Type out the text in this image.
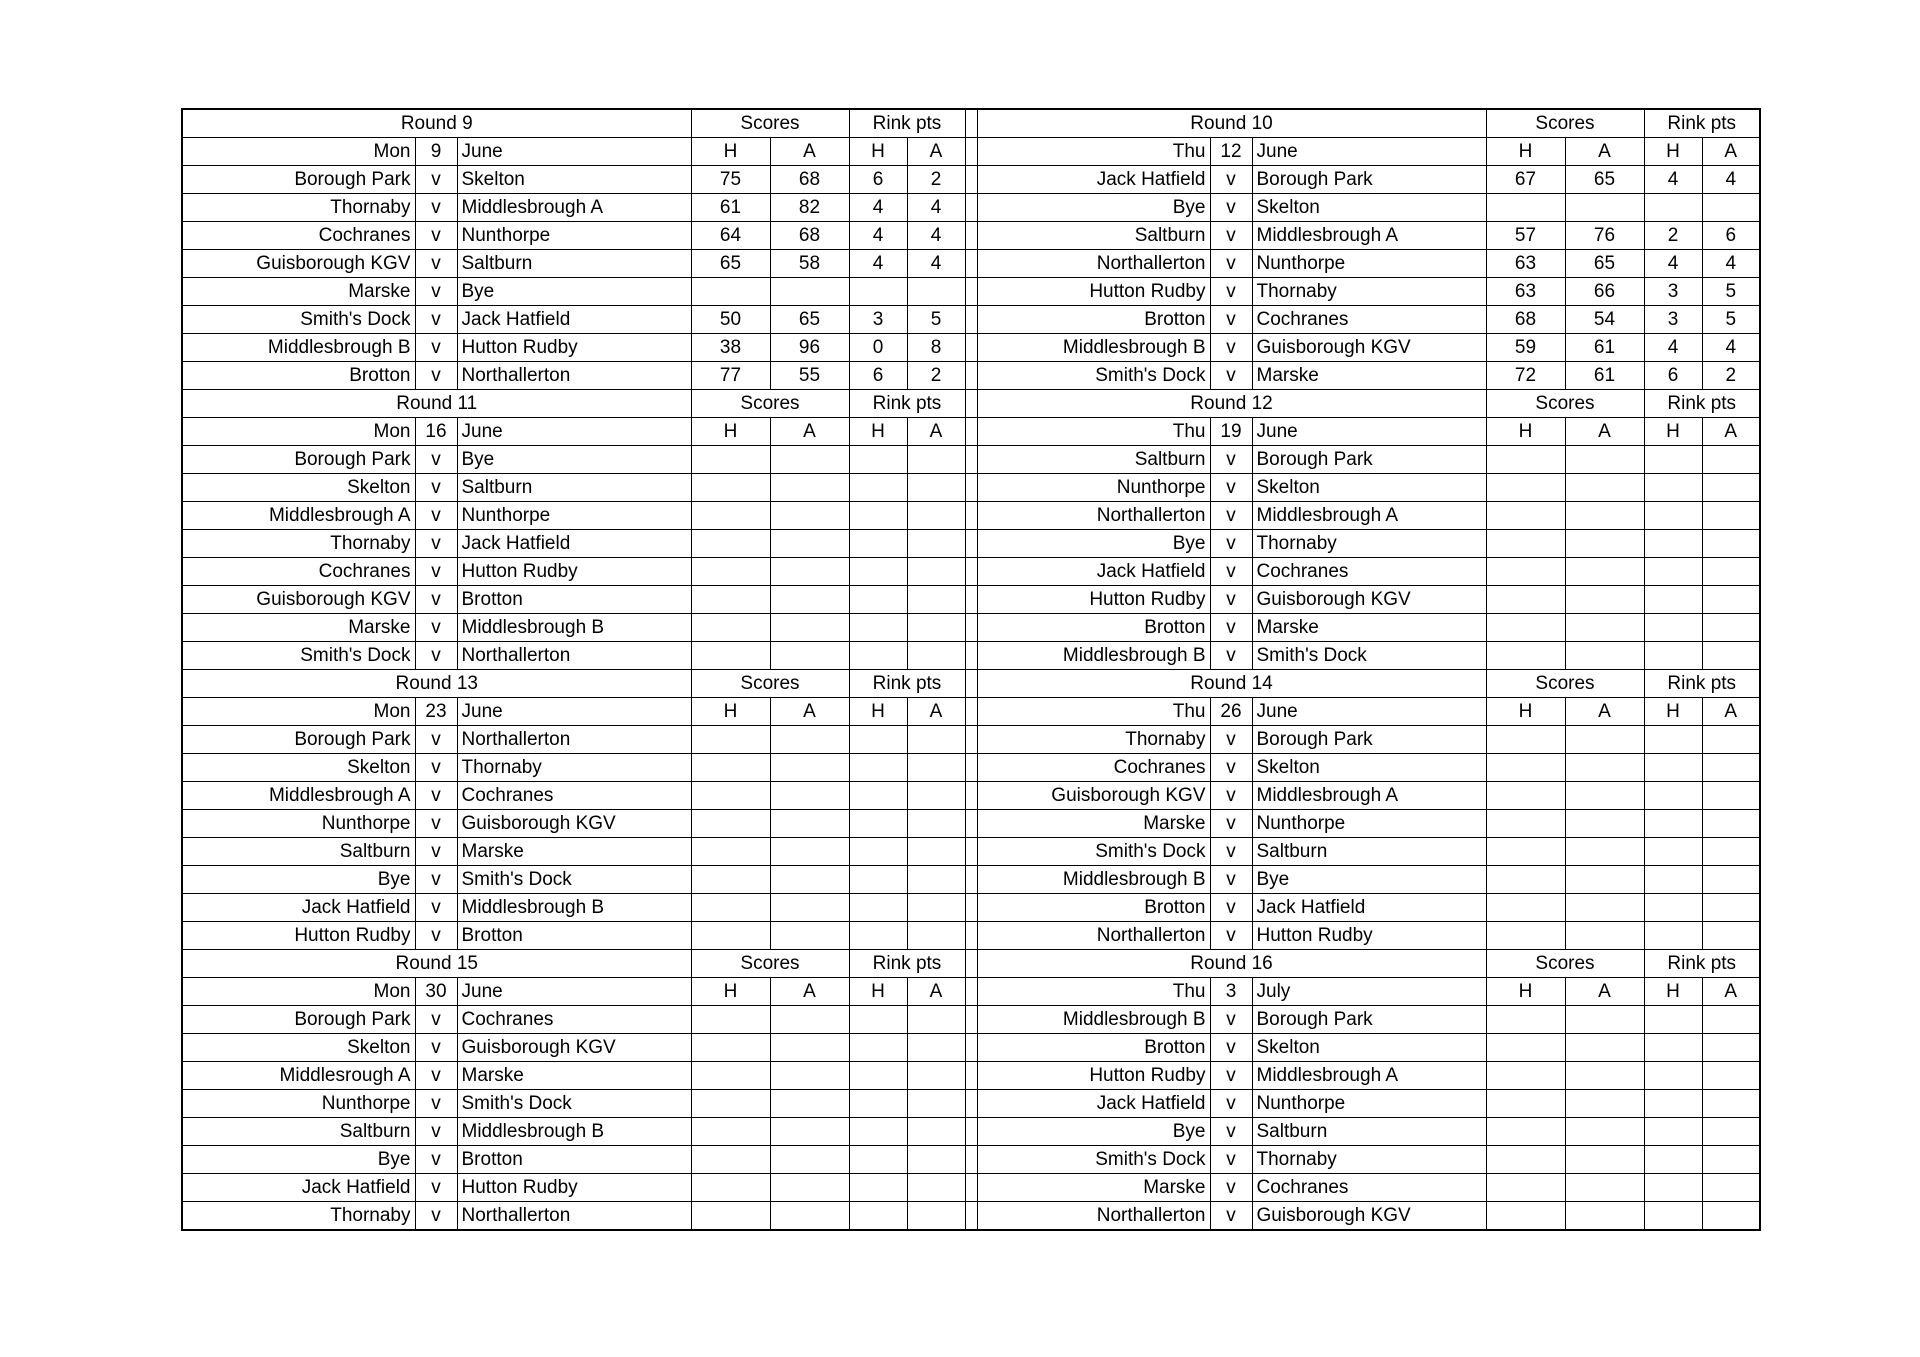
Round 9			Scores		Rink pts			Round 10			Scores		Rink pts	
Mon	9	June	H	A	H	A		Thu	12	June	H	A	H	A
Borough Park	v	Skelton	75	68	6	2		Jack Hatfield	v	Borough Park	67	65	4	4
Thornaby	v	Middlesbrough A	61	82	4	4		Bye	v	Skelton				
Cochranes	v	Nunthorpe	64	68	4	4		Saltburn	v	Middlesbrough A	57	76	2	6
Guisborough KGV	v	Saltburn	65	58	4	4		Northallerton	v	Nunthorpe	63	65	4	4
Marske	v	Bye						Hutton Rudby	v	Thornaby	63	66	3	5
Smith's Dock	v	Jack Hatfield	50	65	3	5		Brotton	v	Cochranes	68	54	3	5
Middlesbrough B	v	Hutton Rudby	38	96	0	8		Middlesbrough B	v	Guisborough KGV	59	61	4	4
Brotton	v	Northallerton	77	55	6	2		Smith's Dock	v	Marske	72	61	6	2
Round 11			Scores		Rink pts			Round 12			Scores		Rink pts	
Mon	16	June	H	A	H	A		Thu	19	June	H	A	H	A
Borough Park	v	Bye						Saltburn	v	Borough Park				
Skelton	v	Saltburn						Nunthorpe	v	Skelton				
Middlesbrough A	v	Nunthorpe						Northallerton	v	Middlesbrough A				
Thornaby	v	Jack Hatfield						Bye	v	Thornaby				
Cochranes	v	Hutton Rudby						Jack Hatfield	v	Cochranes				
Guisborough KGV	v	Brotton						Hutton Rudby	v	Guisborough KGV				
Marske	v	Middlesbrough B						Brotton	v	Marske				
Smith's Dock	v	Northallerton						Middlesbrough B	v	Smith's Dock				
Round 13			Scores		Rink pts			Round 14			Scores		Rink pts	
Mon	23	June	H	A	H	A		Thu	26	June	H	A	H	A
Borough Park	v	Northallerton						Thornaby	v	Borough Park				
Skelton	v	Thornaby						Cochranes	v	Skelton				
Middlesbrough A	v	Cochranes						Guisborough KGV	v	Middlesbrough A				
Nunthorpe	v	Guisborough KGV						Marske	v	Nunthorpe				
Saltburn	v	Marske						Smith's Dock	v	Saltburn				
Bye	v	Smith's Dock						Middlesbrough B	v	Bye				
Jack Hatfield	v	Middlesbrough B						Brotton	v	Jack Hatfield				
Hutton Rudby	v	Brotton						Northallerton	v	Hutton Rudby				
Round 15			Scores		Rink pts			Round 16			Scores		Rink pts	
Mon	30	June	H	A	H	A		Thu	3	July	H	A	H	A
Borough Park	v	Cochranes						Middlesbrough B	v	Borough Park				
Skelton	v	Guisborough KGV						Brotton	v	Skelton				
Middlesrough A	v	Marske						Hutton Rudby	v	Middlesbrough A				
Nunthorpe	v	Smith's Dock						Jack Hatfield	v	Nunthorpe				
Saltburn	v	Middlesbrough B						Bye	v	Saltburn				
Bye	v	Brotton						Smith's Dock	v	Thornaby				
Jack Hatfield	v	Hutton Rudby						Marske	v	Cochranes				
Thornaby	v	Northallerton						Northallerton	v	Guisborough KGV				
